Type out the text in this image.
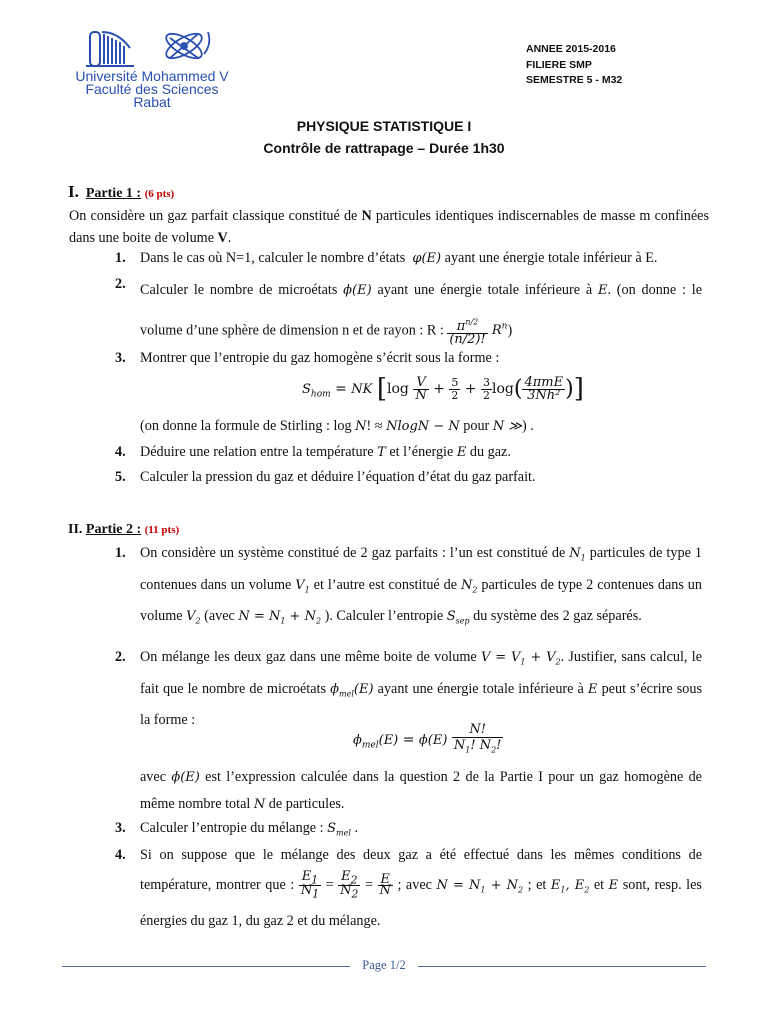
Université Mohammed V
Faculté des Sciences
Rabat
ANNEE 2015-2016
FILIERE SMP
SEMESTRE 5 - M32
PHYSIQUE STATISTIQUE I
Contrôle de rattrapage – Durée 1h30
I. Partie 1 : (6 pts)
On considère un gaz parfait classique constitué de N particules identiques indiscernables de masse m confinées dans une boite de volume V.
1. Dans le cas où N=1, calculer le nombre d’états  φ(E) ayant une énergie totale inférieur à E.
2. Calculer le nombre de microétats ϕ(E) ayant une énergie totale inférieure à E. (on donne : le volume d’une sphère de dimension n et de rayon : R : $\frac{\pi^{n/2}}{(n/2)!} R^n$)
3. Montrer que l’entropie du gaz homogène s’écrit sous la forme :
$S_{hom}$ = NK [$\log \frac{V}{N} + \frac{5}{2} + \frac{3}{2} \log( \frac{\text{4πmE}}{\text{3Nh²}}$ )]
(on donne la formule de Stirling : log N! ≈ NlogN − N pour N ≫) .
4. Déduire une relation entre la température T et l’énergie E du gaz.
5. Calculer la pression du gaz et déduire l’équation d’état du gaz parfait.
II. Partie 2 : (11 pts)
1. On considère un système constitué de 2 gaz parfaits : l’un est constitué de $N_1$ particules de type 1 contenues dans un volume $V_1$ et l’autre est constitué de $N_2$ particules de type 2 contenues dans un volume $V_2$ (avec $N = N_1 + N_2$ ). Calculer l’entropie $S_{sep}$ du système des 2 gaz séparés.
2. On mélange les deux gaz dans une même boite de volume $V = V_1 + V_2$. Justifier, sans calcul, le fait que le nombre de microétats $\phi_{mel}(E)$ ayant une énergie totale inférieure à E peut s’écrire sous la forme :
$\phi_{mel}(E) = \phi(E) \frac{N!}{N_1! N_2!}$
avec ϕ(E) est l’expression calculée dans la question 2 de la Partie I pour un gaz homogène de même nombre total N de particules.
3. Calculer l’entropie du mélange : $S_{mel}$ .
4. Si on suppose que le mélange des deux gaz a été effectué dans les mêmes conditions de température, montrer que : $\frac{E_1}{N_1} = \frac{E_2}{N_2} = \frac{E}{N}$ ; avec $N = N_1 + N_2$ ; et $E_1$, $E_2$ et E sont, resp. les énergies du gaz 1, du gaz 2 et du mélange.
Page 1/2
